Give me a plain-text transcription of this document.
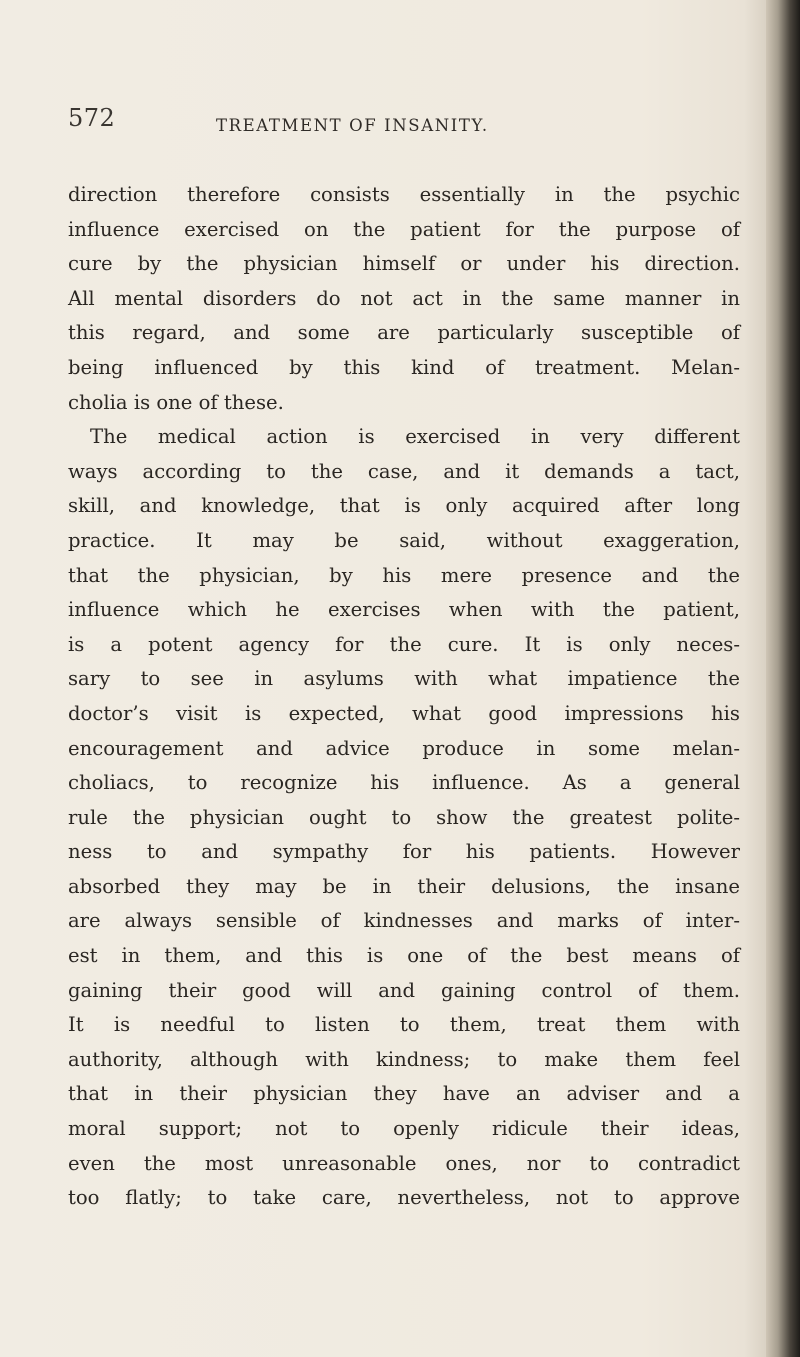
572	TREATMENT OF INSANITY.
direction therefore consists essentially in the psychic
influence exercised on the patient for the purpose of
cure by the physician himself or under his direction.
All mental disorders do not act in the same manner in
this regard, and some are particularly susceptible of
being influenced by this kind of treatment. Melan-
cholia is one of these.
The medical action is exercised in very different
ways according to the case, and it demands a tact,
skill, and knowledge, that is only acquired after long
practice. It may be said, without exaggeration,
that the physician, by his mere presence and the
influence which he exercises when with the patient,
is a potent agency for the cure. It is only neces-
sary to see in asylums with what impatience the
doctor’s visit is expected, what good impressions his
encouragement and advice produce in some melan-
choliacs, to recognize his influence. As a general
rule the physician ought to show the greatest polite-
ness to and sympathy for his patients. However
absorbed they may be in their delusions, the insane
are always sensible of kindnesses and marks of inter-
est in them, and this is one of the best means of
gaining their good will and gaining control of them.
It is needful to listen to them, treat them with
authority, although with kindness; to make them feel
that in their physician they have an adviser and a
moral support; not to openly ridicule their ideas,
even the most unreasonable ones, nor to contradict
too flatly; to take care, nevertheless, not to approve
